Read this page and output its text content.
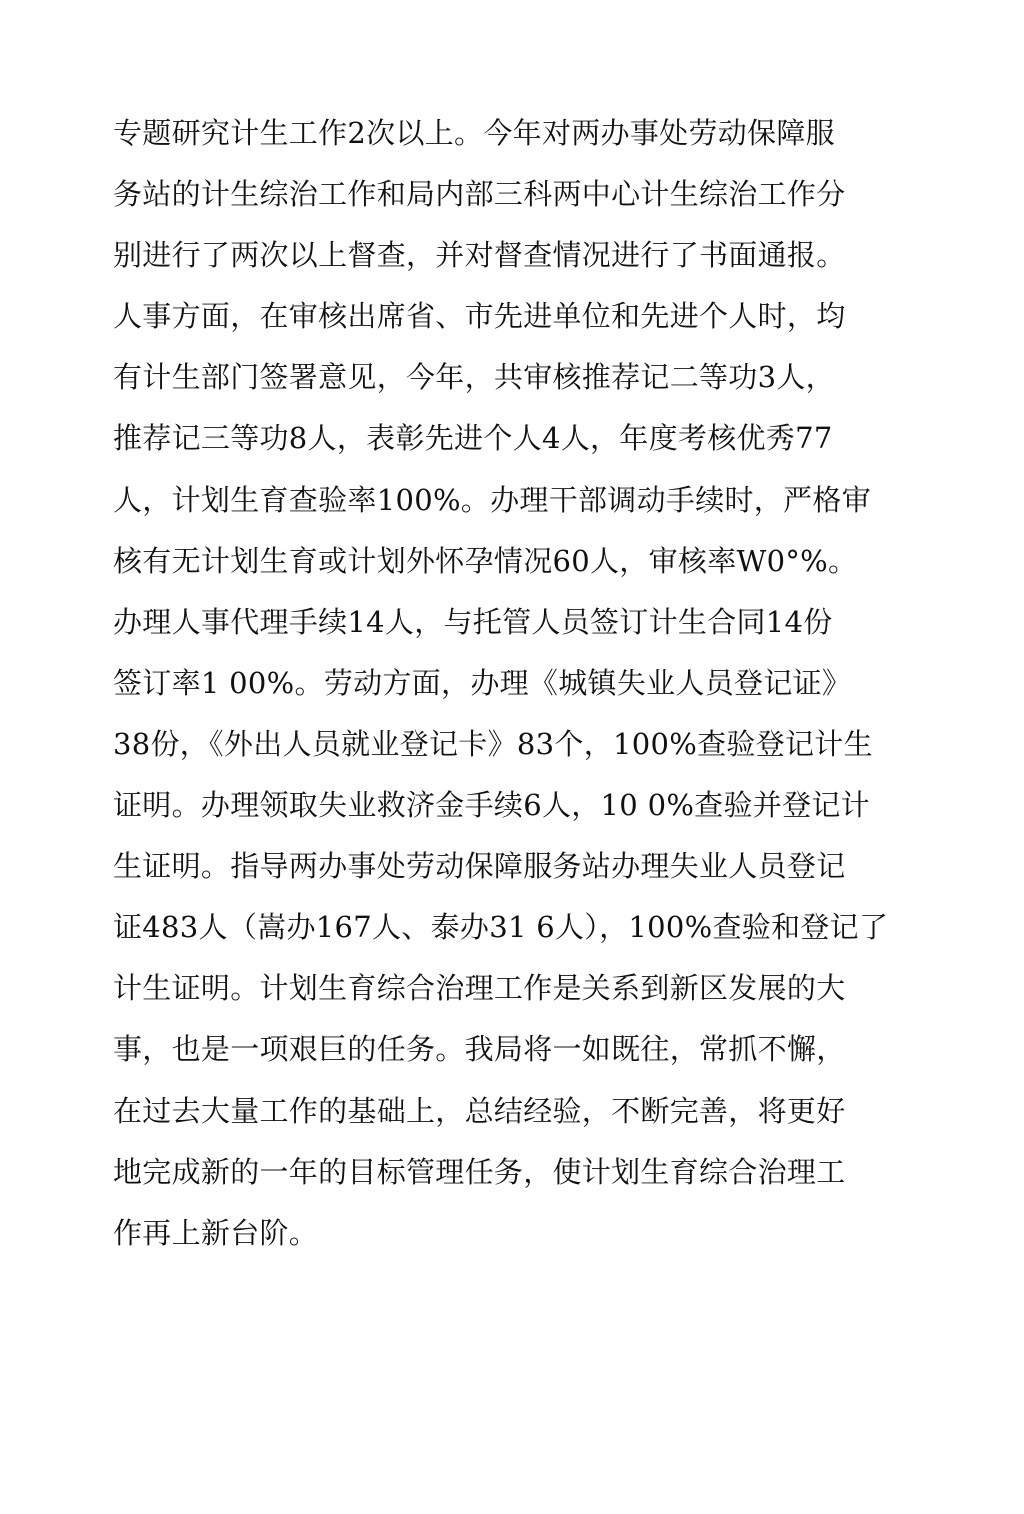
专题研究计生工作2次以上。今年对两办事处劳动保障服
务站的计生综治工作和局内部三科两中心计生综治工作分
别进行了两次以上督查，并对督查情况进行了书面通报。
人事方面，在审核出席省、市先进单位和先进个人时，均
有计生部门签署意见，今年，共审核推荐记二等功3人，
推荐记三等功8人，表彰先进个人4人，年度考核优秀77
人，计划生育查验率100%。办理干部调动手续时，严格审
核有无计划生育或计划外怀孕情况60人，审核率W0°%。
办理人事代理手续14人，与托管人员签订计生合同14份
签订率1 00%。劳动方面，办理《城镇失业人员登记证》
38份，《外出人员就业登记卡》83个，100%查验登记计生
证明。办理领取失业救济金手续6人，10 0%查验并登记计
生证明。指导两办事处劳动保障服务站办理失业人员登记
证483人（嵩办167人、泰办31 6人），100%查验和登记了
计生证明。计划生育综合治理工作是关系到新区发展的大
事，也是一项艰巨的任务。我局将一如既往，常抓不懈，
在过去大量工作的基础上，总结经验，不断完善，将更好
地完成新的一年的目标管理任务，使计划生育综合治理工
作再上新台阶。
